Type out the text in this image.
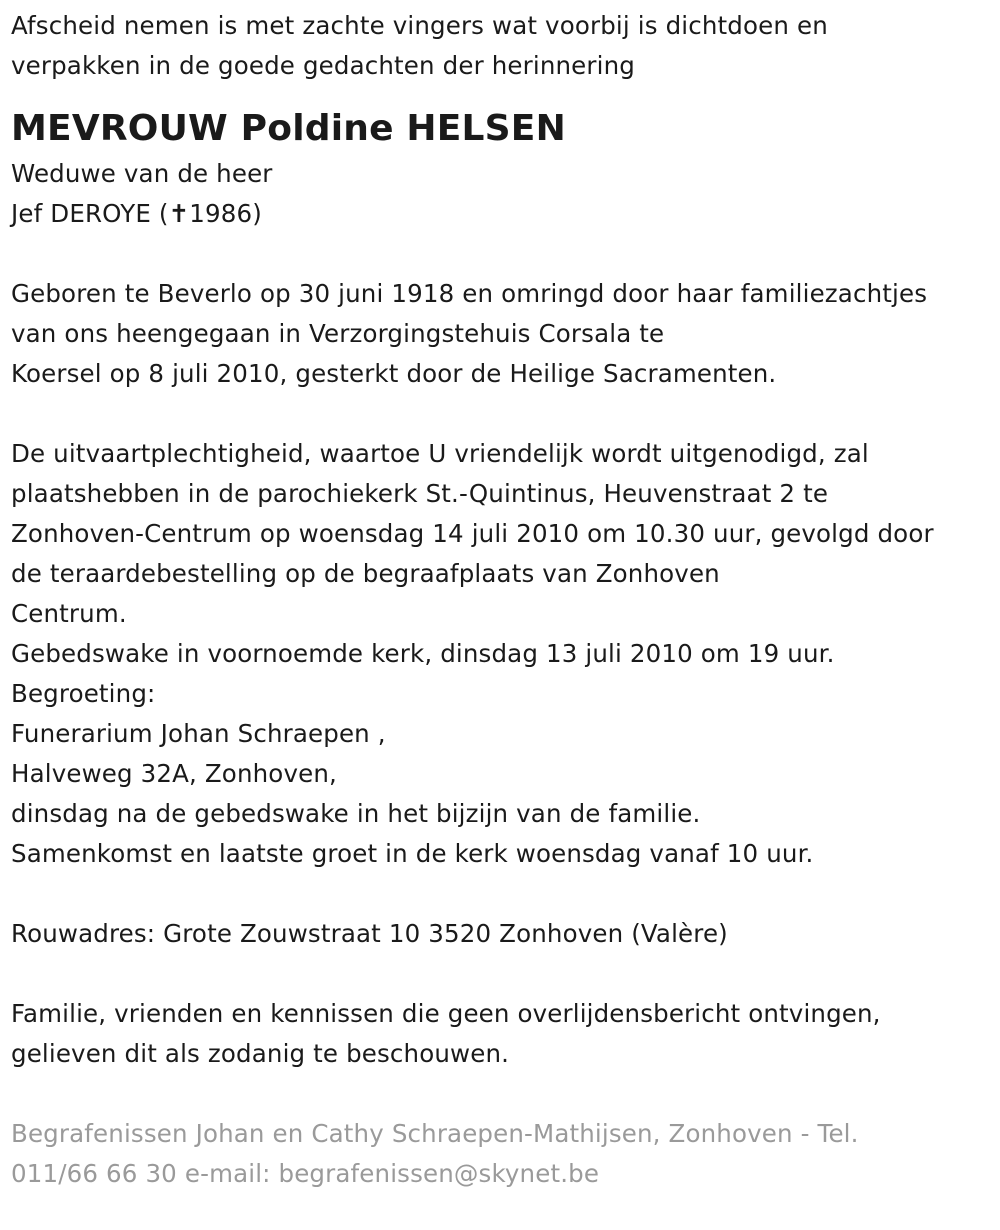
Afscheid nemen is met zachte vingers wat voorbij is dichtdoen en
verpakken in de goede gedachten der herinnering
MEVROUW Poldine HELSEN
Weduwe van de heer
Jef DEROYE (✝1986)
Geboren te Beverlo op 30 juni 1918 en omringd door haar familiezachtjes
van ons heengegaan in Verzorgingstehuis Corsala te
Koersel op 8 juli 2010, gesterkt door de Heilige Sacramenten.
De uitvaartplechtigheid, waartoe U vriendelijk wordt uitgenodigd, zal
plaatshebben in de parochiekerk St.-Quintinus, Heuvenstraat 2 te
Zonhoven-Centrum op woensdag 14 juli 2010 om 10.30 uur, gevolgd door
de teraardebestelling op de begraafplaats van Zonhoven
Centrum.
Gebedswake in voornoemde kerk, dinsdag 13 juli 2010 om 19 uur.
Begroeting:
Funerarium Johan Schraepen ,
Halveweg 32A, Zonhoven,
dinsdag na de gebedswake in het bijzijn van de familie.
Samenkomst en laatste groet in de kerk woensdag vanaf 10 uur.
Rouwadres: Grote Zouwstraat 10 3520 Zonhoven (Valère)
Familie, vrienden en kennissen die geen overlijdensbericht ontvingen,
gelieven dit als zodanig te beschouwen.
Begrafenissen Johan en Cathy Schraepen-Mathijsen, Zonhoven - Tel.
011/66 66 30 e-mail: begrafenissen@skynet.be
